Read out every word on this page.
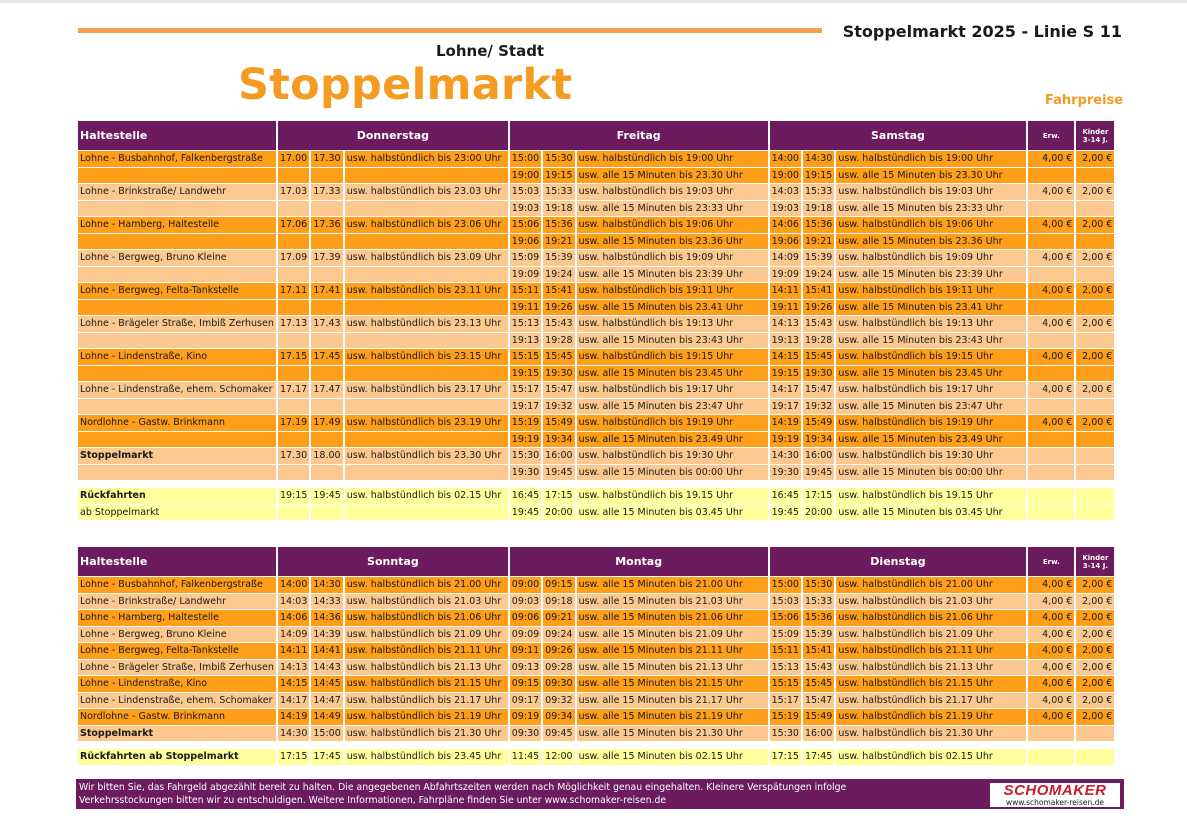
Stoppelmarkt 2025 - Linie S 11
Lohne/ Stadt
Stoppelmarkt	Fahrpreise
Haltestelle	Donnerstag			Freitag			Samstag			Erw.	Kinder
3-14 J.
Lohne - Busbahnhof, Falkenbergstraße	17.00	17.30	usw. halbstündlich bis 23:00 Uhr	15:00	15:30	usw. halbstündlich bis 19:00 Uhr	14:00	14:30	usw. halbstündlich bis 19:00 Uhr	4,00 €	2,00 €
				19:00	19:15	usw. alle 15 Minuten bis 23.30 Uhr	19:00	19:15	usw. alle 15 Minuten bis 23.30 Uhr		
Lohne - Brinkstraße/ Landwehr	17.03	17.33	usw. halbstündlich bis 23.03 Uhr	15:03	15:33	usw. halbstündlich bis 19:03 Uhr	14:03	15:33	usw. halbstündlich bis 19:03 Uhr	4,00 €	2,00 €
				19:03	19:18	usw. alle 15 Minuten bis 23:33 Uhr	19:03	19:18	usw. alle 15 Minuten bis 23:33 Uhr		
Lohne - Hamberg, Haltestelle	17.06	17.36	usw. halbstündlich bis 23.06 Uhr	15:06	15:36	usw. halbstündlich bis 19:06 Uhr	14:06	15:36	usw. halbstündlich bis 19:06 Uhr	4,00 €	2,00 €
				19:06	19:21	usw. alle 15 Minuten bis 23.36 Uhr	19:06	19:21	usw. alle 15 Minuten bis 23.36 Uhr		
Lohne - Bergweg, Bruno Kleine	17.09	17.39	usw. halbstündlich bis 23.09 Uhr	15:09	15:39	usw. halbstündlich bis 19:09 Uhr	14:09	15:39	usw. halbstündlich bis 19:09 Uhr	4,00 €	2,00 €
				19:09	19:24	usw. alle 15 Minuten bis 23:39 Uhr	19:09	19:24	usw. alle 15 Minuten bis 23:39 Uhr		
Lohne - Bergweg, Felta-Tankstelle	17.11	17.41	usw. halbstündlich bis 23.11 Uhr	15:11	15:41	usw. halbstündlich bis 19:11 Uhr	14:11	15:41	usw. halbstündlich bis 19:11 Uhr	4,00 €	2,00 €
				19:11	19:26	usw. alle 15 Minuten bis 23.41 Uhr	19:11	19:26	usw. alle 15 Minuten bis 23.41 Uhr		
Lohne - Brägeler Straße, Imbiß Zerhusen	17.13	17.43	usw. halbstündlich bis 23.13 Uhr	15:13	15:43	usw. halbstündlich bis 19:13 Uhr	14:13	15:43	usw. halbstündlich bis 19:13 Uhr	4,00 €	2,00 €
				19:13	19:28	usw. alle 15 Minuten bis 23:43 Uhr	19:13	19:28	usw. alle 15 Minuten bis 23:43 Uhr		
Lohne - Lindenstraße, Kino	17.15	17.45	usw. halbstündlich bis 23.15 Uhr	15:15	15:45	usw. halbstündlich bis 19:15 Uhr	14:15	15:45	usw. halbstündlich bis 19:15 Uhr	4,00 €	2,00 €
				19:15	19:30	usw. alle 15 Minuten bis 23.45 Uhr	19:15	19:30	usw. alle 15 Minuten bis 23.45 Uhr		
Lohne - Lindenstraße, ehem. Schomaker	17.17	17.47	usw. halbstündlich bis 23.17 Uhr	15:17	15:47	usw. halbstündlich bis 19:17 Uhr	14:17	15:47	usw. halbstündlich bis 19:17 Uhr	4,00 €	2,00 €
				19:17	19:32	usw. alle 15 Minuten bis 23:47 Uhr	19:17	19:32	usw. alle 15 Minuten bis 23:47 Uhr		
Nordlohne - Gastw. Brinkmann	17.19	17.49	usw. halbstündlich bis 23.19 Uhr	15:19	15:49	usw. halbstündlich bis 19:19 Uhr	14:19	15:49	usw. halbstündlich bis 19:19 Uhr	4,00 €	2,00 €
				19:19	19:34	usw. alle 15 Minuten bis 23.49 Uhr	19:19	19:34	usw. alle 15 Minuten bis 23.49 Uhr		
Stoppelmarkt	17.30	18.00	usw. halbstündlich bis 23.30 Uhr	15:30	16:00	usw. halbstündlich bis 19:30 Uhr	14:30	16:00	usw. halbstündlich bis 19:30 Uhr		
				19:30	19:45	usw. alle 15 Minuten bis 00:00 Uhr	19:30	19:45	usw. alle 15 Minuten bis 00:00 Uhr		

Rückfahrten	19:15	19:45	usw. halbstündlich bis 02.15 Uhr	16:45	17:15	usw. halbstündlich bis 19.15 Uhr	16:45	17:15	usw. halbstündlich bis 19.15 Uhr		
ab Stoppelmarkt				19:45	20:00	usw. alle 15 Minuten bis 03.45 Uhr	19:45	20:00	usw. alle 15 Minuten bis 03.45 Uhr		
Haltestelle	Sonntag			Montag			Dienstag			Erw.	Kinder
3-14 J.
Lohne - Busbahnhof, Falkenbergstraße	14:00	14:30	usw. halbstündlich bis 21.00 Uhr	09:00	09:15	usw. alle 15 Minuten bis 21.00 Uhr	15:00	15:30	usw. halbstündlich bis 21.00 Uhr	4,00 €	2,00 €
Lohne - Brinkstraße/ Landwehr	14:03	14:33	usw. halbstündlich bis 21.03 Uhr	09:03	09:18	usw. alle 15 Minuten bis 21.03 Uhr	15:03	15:33	usw. halbstündlich bis 21.03 Uhr	4,00 €	2,00 €
Lohne - Hamberg, Haltestelle	14:06	14:36	usw. halbstündlich bis 21.06 Uhr	09:06	09:21	usw. alle 15 Minuten bis 21.06 Uhr	15:06	15:36	usw. halbstündlich bis 21.06 Uhr	4,00 €	2,00 €
Lohne - Bergweg, Bruno Kleine	14:09	14:39	usw. halbstündlich bis 21.09 Uhr	09:09	09:24	usw. alle 15 Minuten bis 21.09 Uhr	15:09	15:39	usw. halbstündlich bis 21.09 Uhr	4,00 €	2,00 €
Lohne - Bergweg, Felta-Tankstelle	14:11	14:41	usw. halbstündlich bis 21.11 Uhr	09:11	09:26	usw. alle 15 Minuten bis 21.11 Uhr	15:11	15:41	usw. halbstündlich bis 21.11 Uhr	4,00 €	2,00 €
Lohne - Brägeler Straße, Imbiß Zerhusen	14:13	14:43	usw. halbstündlich bis 21.13 Uhr	09:13	09:28	usw. alle 15 Minuten bis 21.13 Uhr	15:13	15:43	usw. halbstündlich bis 21.13 Uhr	4,00 €	2,00 €
Lohne - Lindenstraße, Kino	14:15	14:45	usw. halbstündlich bis 21.15 Uhr	09:15	09:30	usw. alle 15 Minuten bis 21.15 Uhr	15:15	15:45	usw. halbstündlich bis 21.15 Uhr	4,00 €	2,00 €
Lohne - Lindenstraße, ehem. Schomaker	14:17	14:47	usw. halbstündlich bis 21.17 Uhr	09:17	09:32	usw. alle 15 Minuten bis 21.17 Uhr	15:17	15:47	usw. halbstündlich bis 21.17 Uhr	4,00 €	2,00 €
Nordlohne - Gastw. Brinkmann	14:19	14:49	usw. halbstündlich bis 21.19 Uhr	09:19	09:34	usw. alle 15 Minuten bis 21.19 Uhr	15:19	15:49	usw. halbstündlich bis 21.19 Uhr	4,00 €	2,00 €
Stoppelmarkt	14:30	15:00	usw. halbstündlich bis 21.30 Uhr	09:30	09:45	usw. alle 15 Minuten bis 21.30 Uhr	15:30	16:00	usw. halbstündlich bis 21.30 Uhr		

Rückfahrten ab Stoppelmarkt	17:15	17:45	usw. halbstündlich bis 23.45 Uhr	11:45	12:00	usw. alle 15 Minuten bis 02.15 Uhr	17:15	17:45	usw. halbstündlich bis 02.15 Uhr		
Wir bitten Sie, das Fahrgeld abgezählt bereit zu halten. Die angegebenen Abfahrtszeiten werden nach Möglichkeit genau eingehalten. Kleinere Verspätungen infolge
Verkehrsstockungen bitten wir zu entschuldigen. Weitere Informationen, Fahrpläne finden Sie unter www.schomaker-reisen.de
SCHOMAKER
www.schomaker-reisen.de
